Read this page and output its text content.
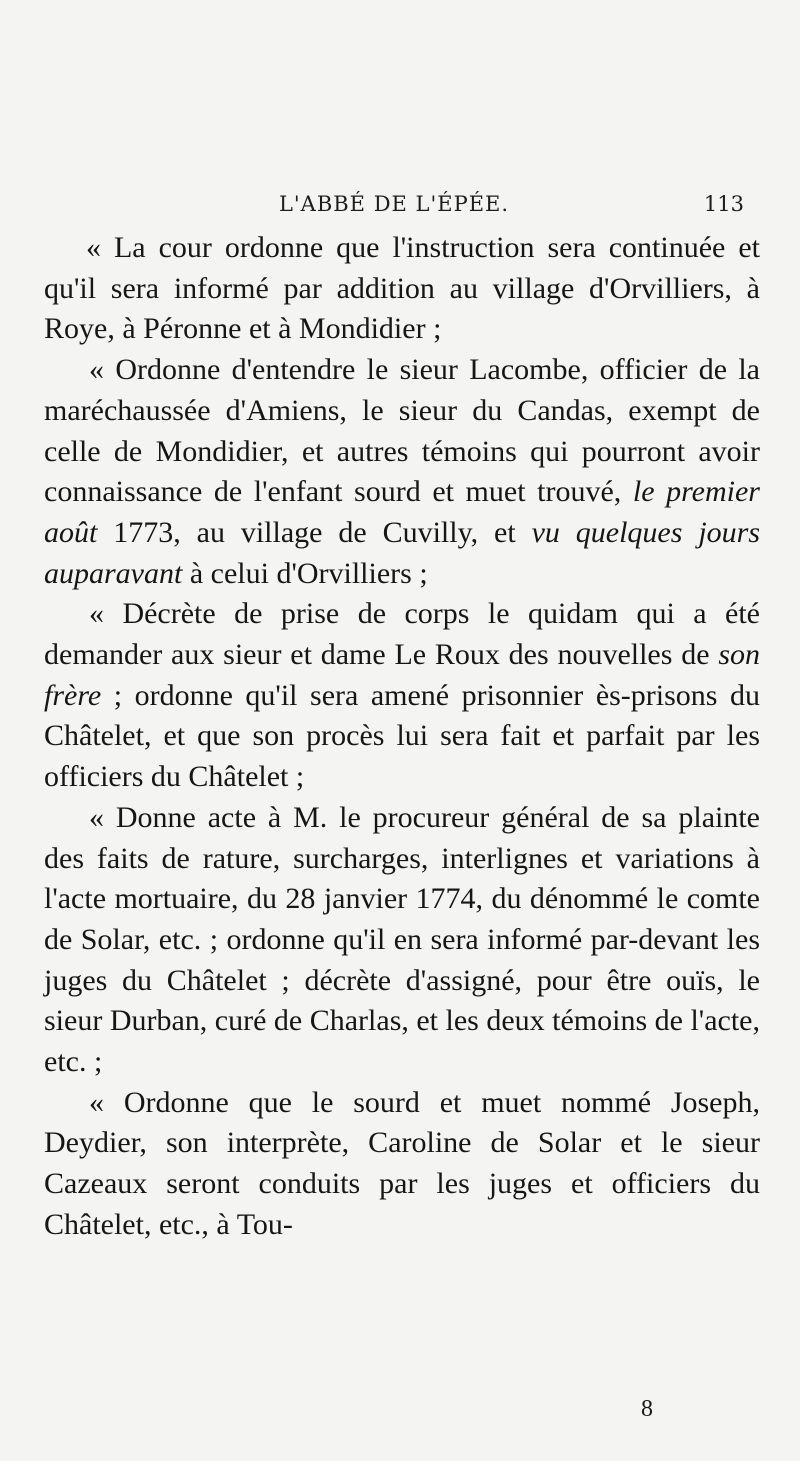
L'ABBÉ DE L'ÉPÉE.	113

« La cour ordonne que l'instruction sera continuée et qu'il sera informé par addition au village d'Orvilliers, à Roye, à Péronne et à Mondidier ;

« Ordonne d'entendre le sieur Lacombe, officier de la maréchaussée d'Amiens, le sieur du Candas, exempt de celle de Mondidier, et autres témoins qui pourront avoir connaissance de l'enfant sourd et muet trouvé, le premier août 1773, au village de Cuvilly, et vu quelques jours auparavant à celui d'Orvilliers ;

« Décrète de prise de corps le quidam qui a été demander aux sieur et dame Le Roux des nouvelles de son frère ; ordonne qu'il sera amené prisonnier ès-prisons du Châtelet, et que son procès lui sera fait et parfait par les officiers du Châtelet ;

« Donne acte à M. le procureur général de sa plainte des faits de rature, surcharges, interlignes et variations à l'acte mortuaire, du 28 janvier 1774, du dénommé le comte de Solar, etc. ; ordonne qu'il en sera informé par-devant les juges du Châtelet ; décrète d'assigné, pour être ouïs, le sieur Durban, curé de Charlas, et les deux témoins de l'acte, etc. ;

« Ordonne que le sourd et muet nommé Joseph, Deydier, son interprète, Caroline de Solar et le sieur Cazeaux seront conduits par les juges et officiers du Châtelet, etc., à Tou-

8
